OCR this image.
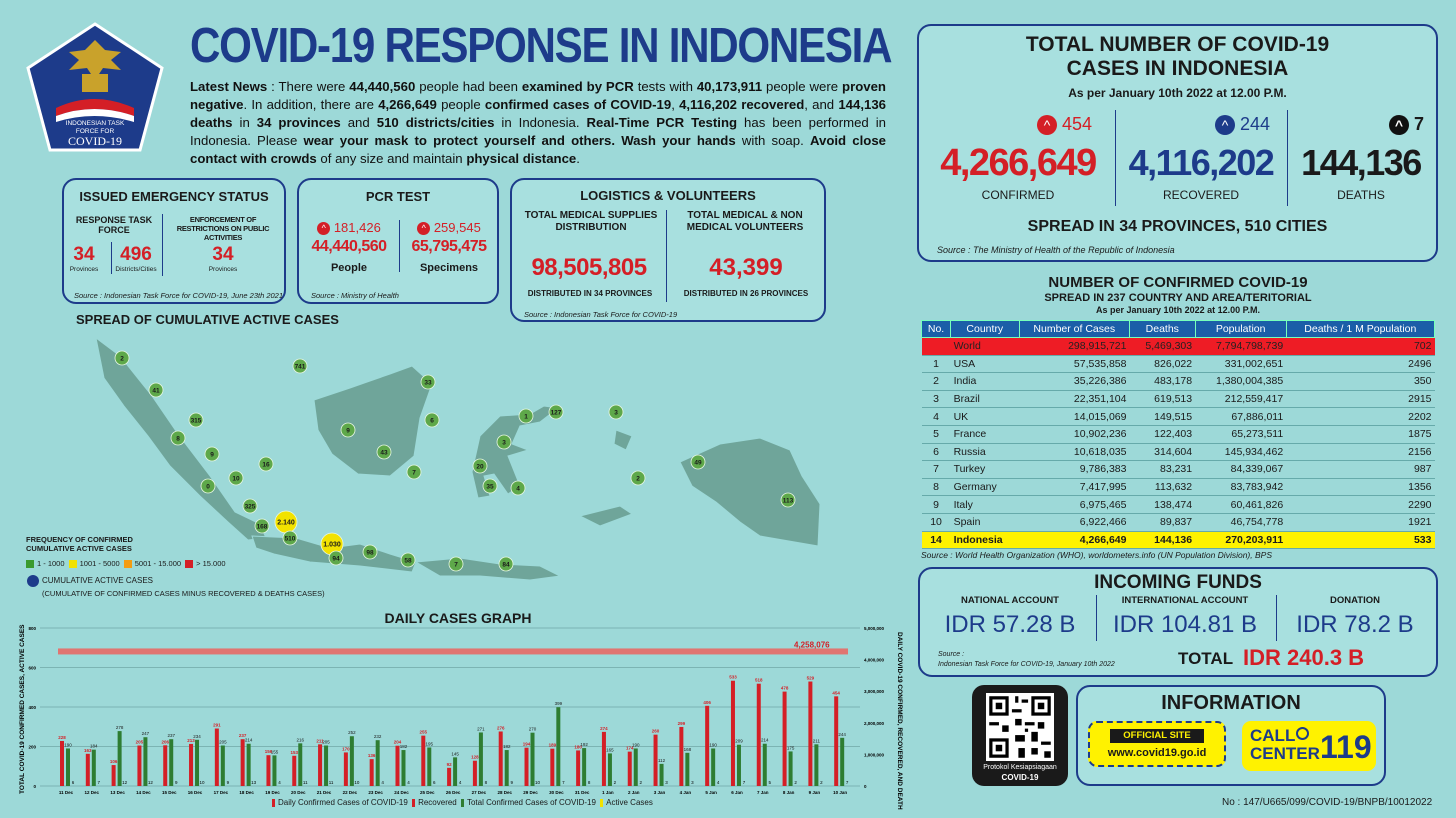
INDONESIAN TASK
FORCE FOR
COVID-19
COVID-19 RESPONSE IN INDONESIA

Latest News : There were 44,440,560 people had been examined by PCR tests with 40,173,911 people were proven negative. In addition, there are 4,266,649 people confirmed cases of COVID-19, 4,116,202 recovered, and 144,136 deaths in 34 provinces and 510 districts/cities in Indonesia. Real-Time PCR Testing has been performed in Indonesia. Please wear your mask to protect yourself and others. Wash your hands with soap. Avoid close contact with crowds of any size and maintain physical distance.

ISSUED EMERGENCY STATUS
RESPONSE TASK FORCE
ENFORCEMENT OF RESTRICTIONS ON PUBLIC ACTIVITIES
34
Provinces
496
Districts/Cities
34
Provinces
Source : Indonesian Task Force for COVID-19, June 23th 2021
PCR TEST
^ 181,426	^ 259,545
44,440,560	65,795,475
People	Specimens
Source : Ministry of Health
LOGISTICS & VOLUNTEERS
TOTAL MEDICAL SUPPLIES DISTRIBUTION
TOTAL MEDICAL & NON MEDICAL VOLUNTEERS
98,505,805	43,399
DISTRIBUTED IN 34 PROVINCES	DISTRIBUTED IN 26 PROVINCES
Source : Indonesian Task Force for COVID-19
SPREAD OF CUMULATIVE ACTIVE CASES
2
741
41
315
8
9
0
10
16
325
168
2.140
510
1.030
94
98
58
7	84
9
43
7
6
33
1
127	3
20
3
35	4
2
49
113
FREQUENCY OF CONFIRMED CUMULATIVE ACTIVE CASES
1 - 1000 1001 - 5000 5001 - 15.000 > 15.000
CUMULATIVE ACTIVE CASES
(CUMULATIVE OF CONFIRMED CASES MINUS RECOVERED & DEATHS CASES)
DAILY CASES GRAPH
TOTAL COVID-19 CONFIRMED CASES, ACTIVE CASES	DAILY COVID-19 CONFIRMED, RECOVERED, AND DEATH
800
600
400
200
0
5,000,000
4,000,000
3,000,000
2,000,000
1,000,000
0
4,258,076
228
190
6
11 Dec
163
184
7
12 Dec
106
278
12
13 Dec
205
247
12
14 Dec
206
237
9
15 Dec
213
234
10
16 Dec
291
205
9
17 Dec
237
214
13
18 Dec
156
155
4
19 Dec
153
216
11
20 Dec
211
205
11
21 Dec
170
252
10
22 Dec
136
232
4
23 Dec
204
182
4
24 Dec
255
195
6
25 Dec
92
145
4
26 Dec
128
271
8
27 Dec
276
182
9
28 Dec
194
270
10
29 Dec
189
399
7
30 Dec
180
192
8
31 Dec
274
165
2
1 Jan
174
190
2
2 Jan
260
112
3
3 Jan
299
168
3
4 Jan
406
190
4
5 Jan
533
209
7
6 Jan
518
214
5
7 Jan
478
175
2
8 Jan
529
211
2
9 Jan
454
244
7
10 Jan
Daily Confirmed Cases of COVID-19 Recovered Total Confirmed Cases of COVID-19 Active Cases
TOTAL NUMBER OF COVID-19
CASES IN INDONESIA
As per January 10th 2022 at 12.00 P.M.
^ 454	^ 244	^ 7
4,266,649 4,116,202 144,136
CONFIRMED	RECOVERED	DEATHS
SPREAD IN 34 PROVINCES, 510 CITIES
Source : The Ministry of Health of the Republic of Indonesia
NUMBER OF CONFIRMED COVID-19
SPREAD IN 237 COUNTRY AND AREA/TERITORIAL
As per January 10th 2022 at 12.00 P.M.
No.	Country	Number of Cases	Deaths	Population	Deaths / 1 M Population
	World	298,915,721	5,469,303	7,794,798,739	702
1	USA	57,535,858	826,022	331,002,651	2496
2	India	35,226,386	483,178	1,380,004,385	350
3	Brazil	22,351,104	619,513	212,559,417	2915
4	UK	14,015,069	149,515	67,886,011	2202
5	France	10,902,236	122,403	65,273,511	1875
6	Russia	10,618,035	314,604	145,934,462	2156
7	Turkey	9,786,383	83,231	84,339,067	987
8	Germany	7,417,995	113,632	83,783,942	1356
9	Italy	6,975,465	138,474	60,461,826	2290
10	Spain	6,922,466	89,837	46,754,778	1921
14	Indonesia	4,266,649	144,136	270,203,911	533
Source : World Health Organization (WHO), worldometers.info (UN Population Division), BPS
INCOMING FUNDS
NATIONAL ACCOUNT	INTERNATIONAL ACCOUNT	DONATION
IDR 57.28 B	IDR 104.81 B	IDR 78.2 B
Source :
Indonesian Task Force for COVID-19, January 10th 2022	TOTAL IDR 240.3 B
Protokol Kesiapsiagaan
COVID-19
INFORMATION
OFFICIAL SITE
www.covid19.go.id
CALL
CENTER 119
No : 147/U665/099/COVID-19/BNPB/10012022
